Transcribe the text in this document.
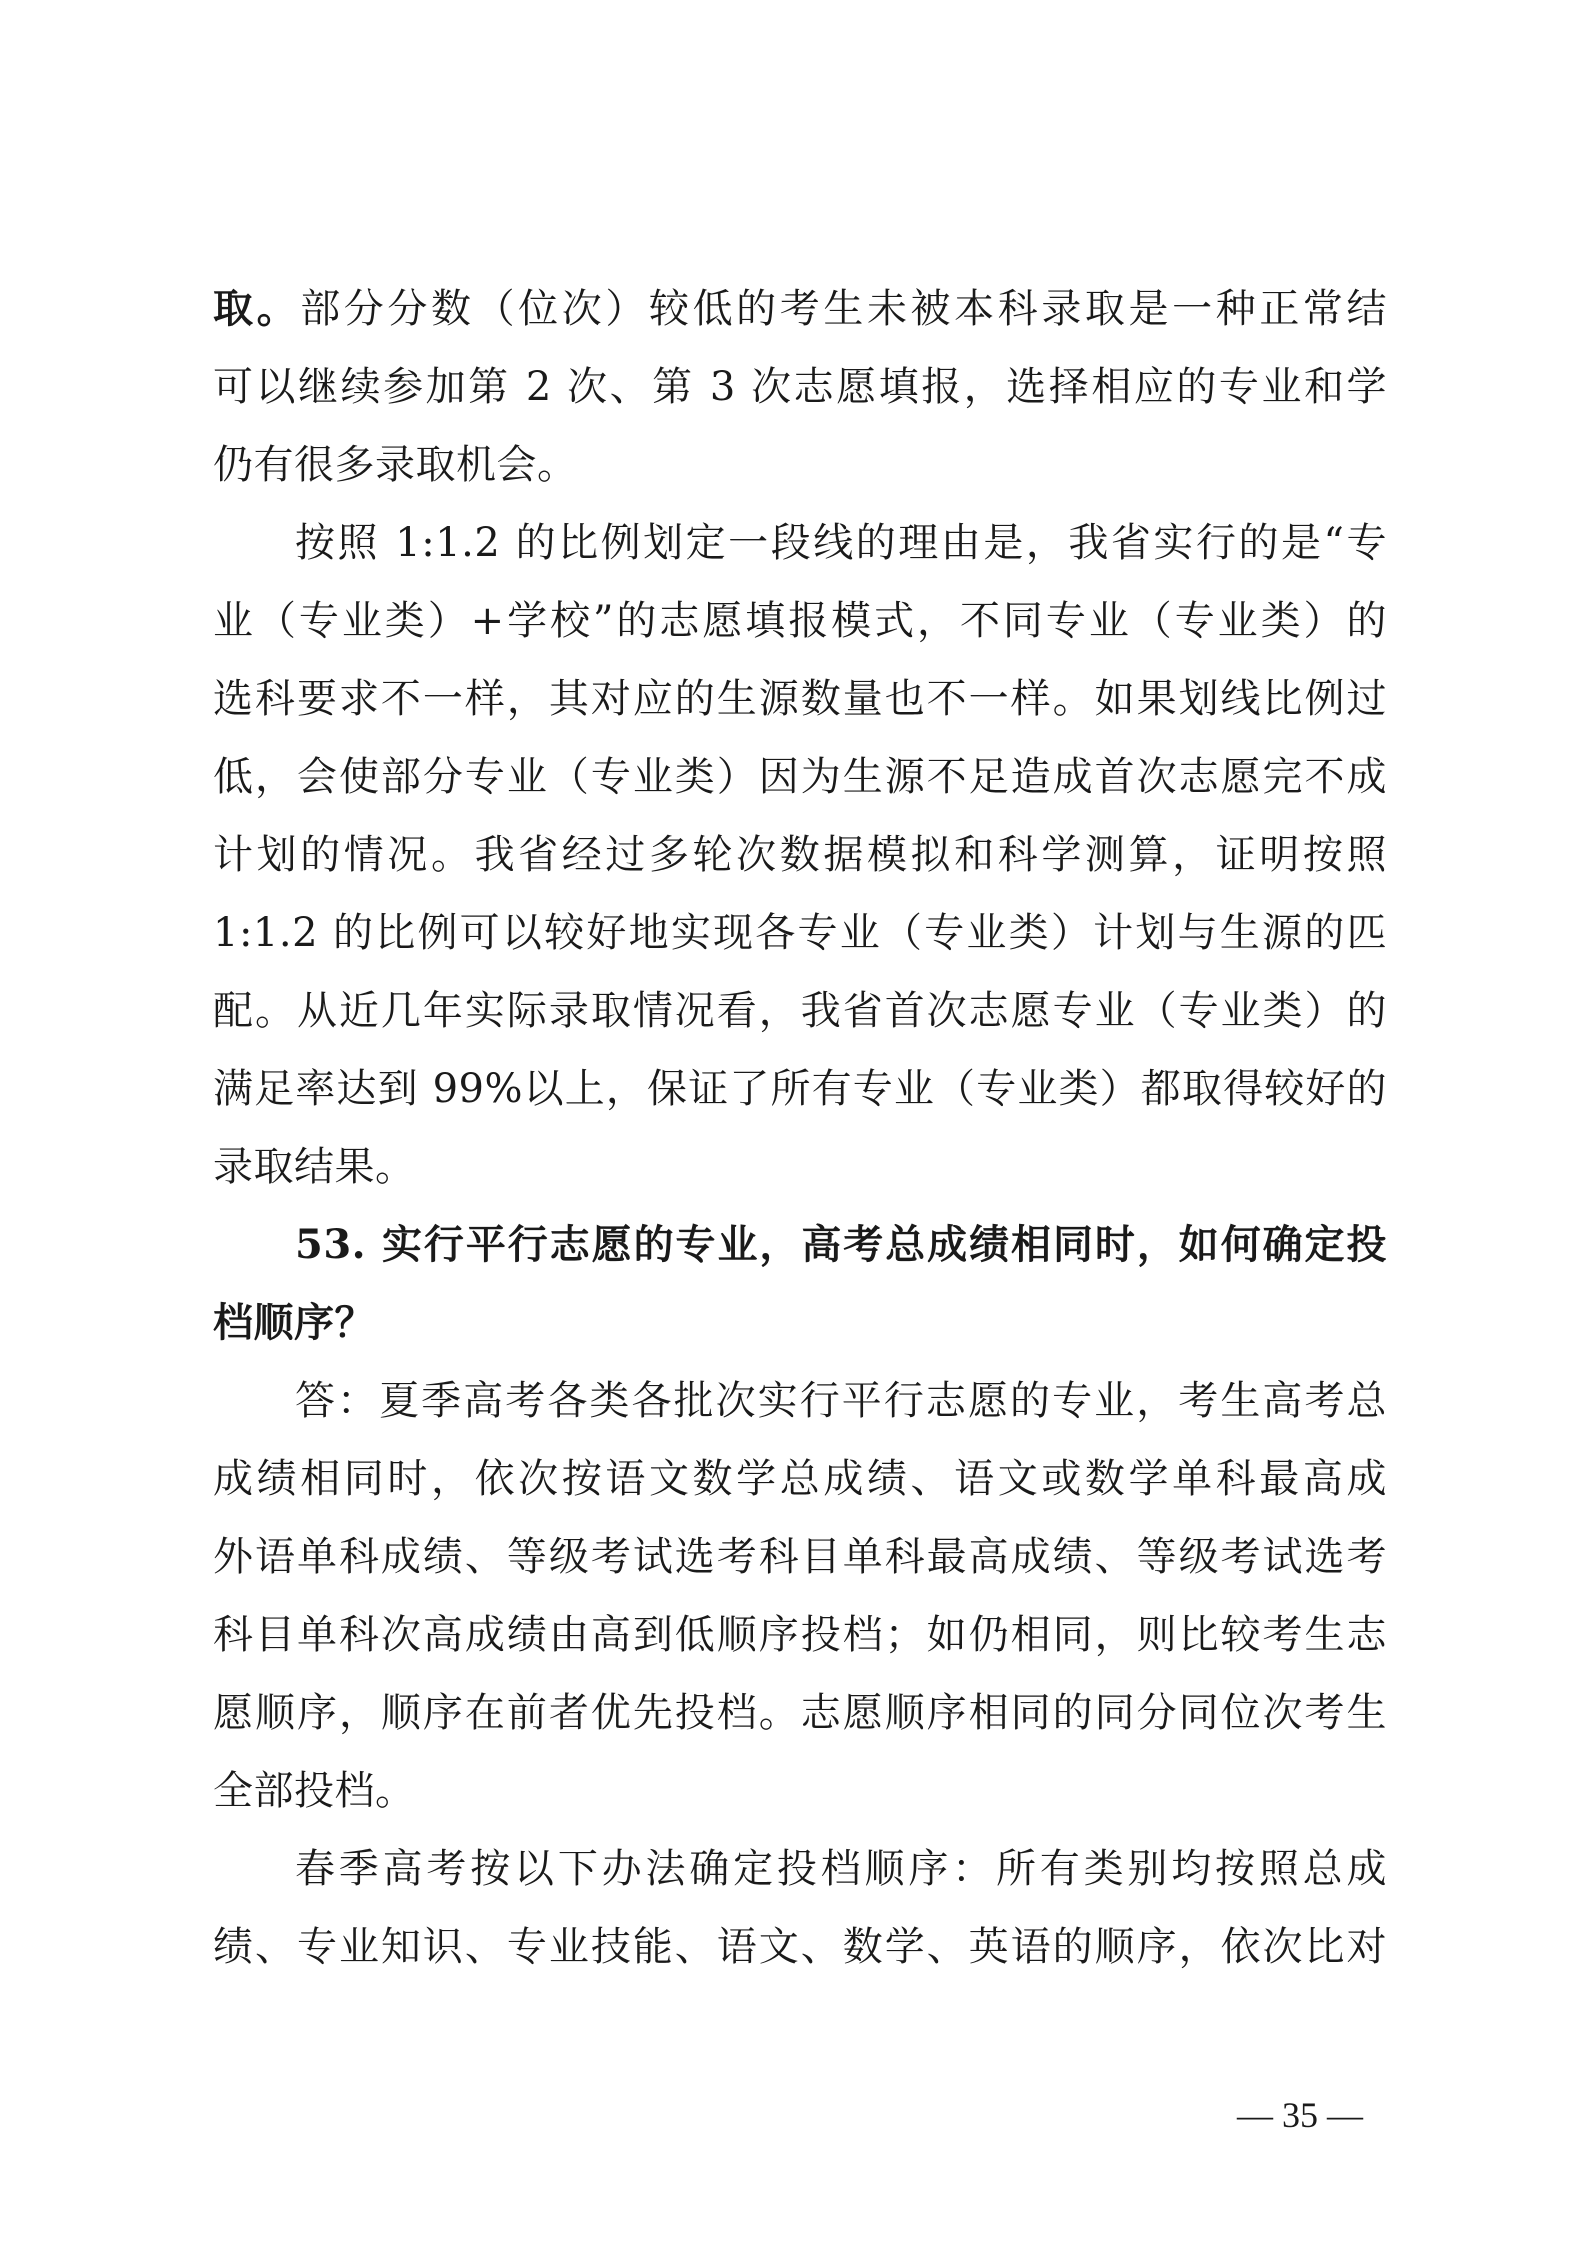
取。部分分数（位次）较低的考生未被本科录取是一种正常结
可以继续参加第 2 次、第 3 次志愿填报，选择相应的专业和学
仍有很多录取机会。
按照 1:1.2 的比例划定一段线的理由是，我省实行的是“专
业（专业类）+学校”的志愿填报模式，不同专业（专业类）的
选科要求不一样，其对应的生源数量也不一样。如果划线比例过
低，会使部分专业（专业类）因为生源不足造成首次志愿完不成
计划的情况。我省经过多轮次数据模拟和科学测算，证明按照
1:1.2 的比例可以较好地实现各专业（专业类）计划与生源的匹
配。从近几年实际录取情况看，我省首次志愿专业（专业类）的
满足率达到 99%以上，保证了所有专业（专业类）都取得较好的
录取结果。
53. 实行平行志愿的专业，高考总成绩相同时，如何确定投
档顺序？
答：夏季高考各类各批次实行平行志愿的专业，考生高考总
成绩相同时，依次按语文数学总成绩、语文或数学单科最高成
外语单科成绩、等级考试选考科目单科最高成绩、等级考试选考
科目单科次高成绩由高到低顺序投档；如仍相同，则比较考生志
愿顺序，顺序在前者优先投档。志愿顺序相同的同分同位次考生
全部投档。
春季高考按以下办法确定投档顺序：所有类别均按照总成
绩、专业知识、专业技能、语文、数学、英语的顺序，依次比对
— 35 —
